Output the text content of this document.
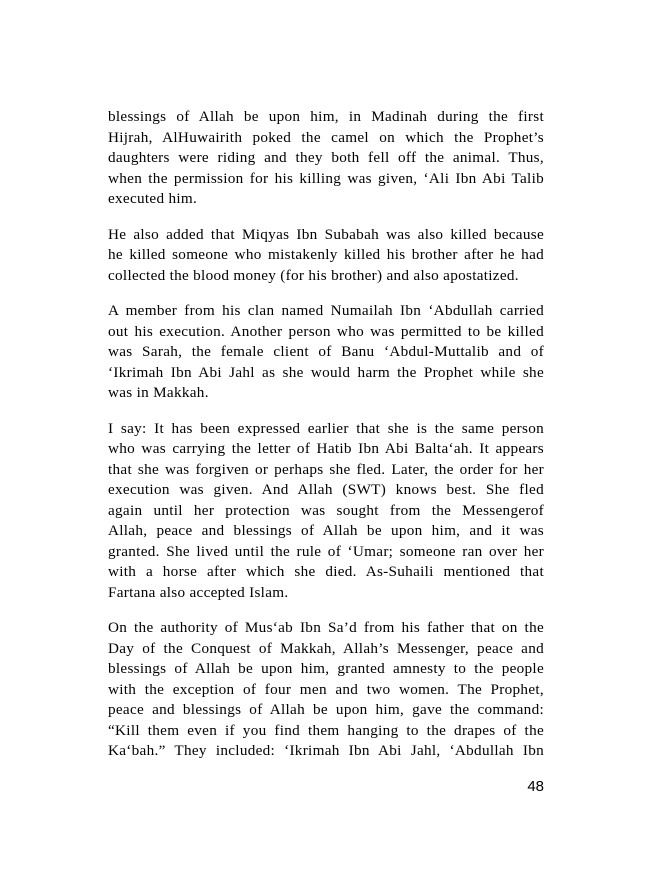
blessings of Allah be upon him, in Madinah during the first
Hijrah, AlHuwairith poked the camel on which the Prophet’s
daughters were riding and they both fell off the animal. Thus,
when the permission for his killing was given, ‘Ali Ibn Abi Talib
executed him.
He also added that Miqyas Ibn Subabah was also killed because
he killed someone who mistakenly killed his brother after he had
collected the blood money (for his brother) and also apostatized.
A member from his clan named Numailah Ibn ‘Abdullah carried
out his execution. Another person who was permitted to be killed
was Sarah, the female client of Banu ‘Abdul-Muttalib and of
‘Ikrimah Ibn Abi Jahl as she would harm the Prophet while she
was in Makkah.
I say: It has been expressed earlier that she is the same person
who was carrying the letter of Hatib Ibn Abi Balta‘ah. It appears
that she was forgiven or perhaps she fled. Later, the order for her
execution was given. And Allah (SWT) knows best. She fled
again until her protection was sought from the Messengerof
Allah, peace and blessings of Allah be upon him, and it was
granted. She lived until the rule of ‘Umar; someone ran over her
with a horse after which she died. As-Suhaili mentioned that
Fartana also accepted Islam.
On the authority of Mus‘ab Ibn Sa’d from his father that on the
Day of the Conquest of Makkah, Allah’s Messenger, peace and
blessings of Allah be upon him, granted amnesty to the people
with the exception of four men and two women. The Prophet,
peace and blessings of Allah be upon him, gave the command:
“Kill them even if you find them hanging to the drapes of the
Ka‘bah.” They included: ‘Ikrimah Ibn Abi Jahl, ‘Abdullah Ibn
48
